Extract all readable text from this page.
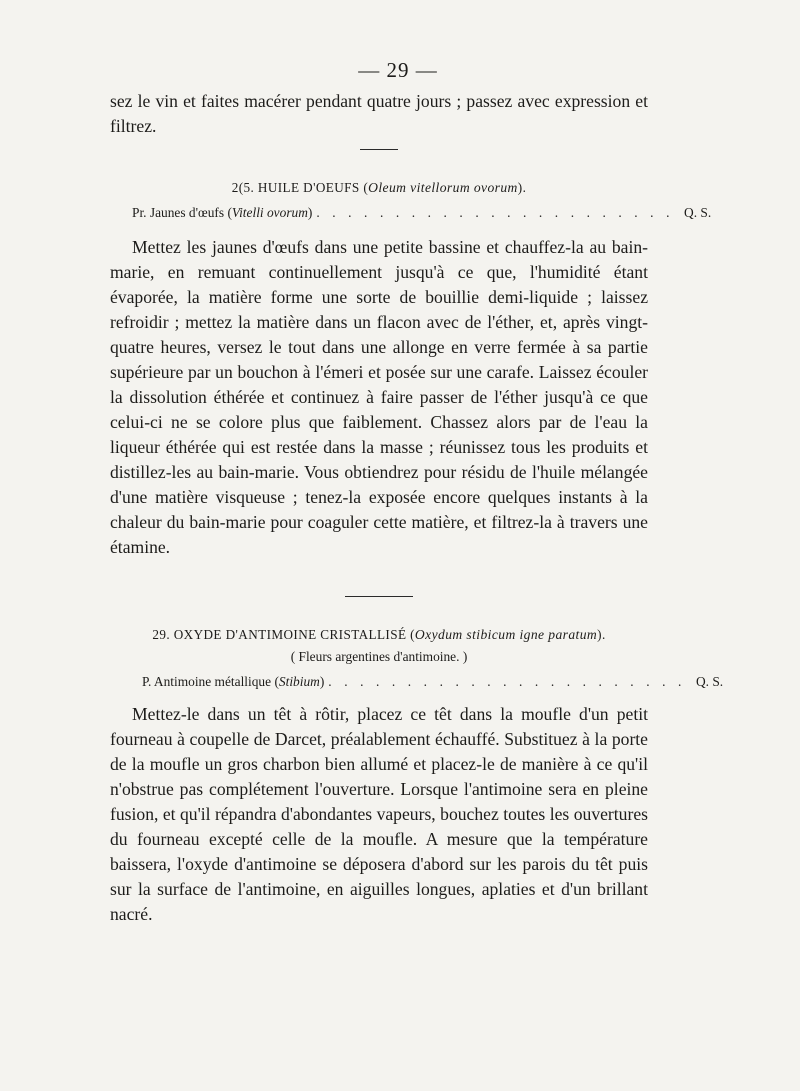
— 29 —

sez le vin et faites macérer pendant quatre jours ; passez avec expression et filtrez.

2(5. HUILE D'OEUFS (Oleum vitellorum ovorum).
Pr. Jaunes d'œufs (Vitelli ovorum) . . . . . . . . . . . . . . . . . . . . . . . Q. S.

Mettez les jaunes d'œufs dans une petite bassine et chauffez-la au bain-marie, en remuant continuellement jusqu'à ce que, l'humidité étant évaporée, la matière forme une sorte de bouillie demi-liquide ; laissez refroidir ; mettez la matière dans un flacon avec de l'éther, et, après vingt-quatre heures, versez le tout dans une allonge en verre fermée à sa partie supérieure par un bouchon à l'émeri et posée sur une carafe. Laissez écouler la dissolution éthérée et continuez à faire passer de l'éther jusqu'à ce que celui-ci ne se colore plus que faiblement. Chassez alors par de l'eau la liqueur éthérée qui est restée dans la masse ; réunissez tous les produits et distillez-les au bain-marie. Vous obtiendrez pour résidu de l'huile mélangée d'une matière visqueuse ; tenez-la exposée encore quelques instants à la chaleur du bain-marie pour coaguler cette matière, et filtrez-la à travers une étamine.

29. OXYDE D'ANTIMOINE CRISTALLISÉ (Oxydum stibicum igne paratum).
( Fleurs argentines d'antimoine. )
P. Antimoine métallique (Stibium) . . . . . . . . . . . . . . . . . . . . . . . Q. S.

Mettez-le dans un têt à rôtir, placez ce têt dans la moufle d'un petit fourneau à coupelle de Darcet, préalablement échauffé. Substituez à la porte de la moufle un gros charbon bien allumé et placez-le de manière à ce qu'il n'obstrue pas complétement l'ouverture. Lorsque l'antimoine sera en pleine fusion, et qu'il répandra d'abondantes vapeurs, bouchez toutes les ouvertures du fourneau excepté celle de la moufle. A mesure que la température baissera, l'oxyde d'antimoine se déposera d'abord sur les parois du têt puis sur la surface de l'antimoine, en aiguilles longues, aplaties et d'un brillant nacré.
